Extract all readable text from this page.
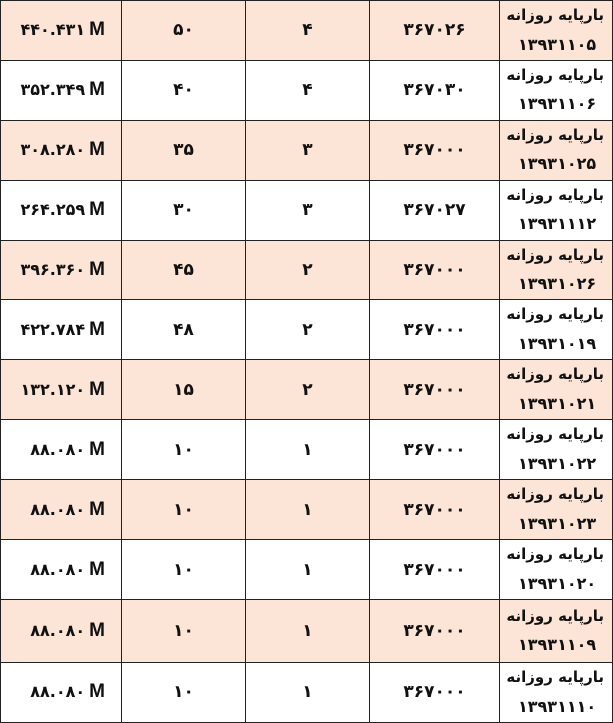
۴۴۰.۴۳۱ M	۵۰	۴	۳۶۷۰۲۶	بارپایه روزانه
۱۳۹۳۱۱۰۵

۳۵۲.۳۴۹ M	۴۰	۴	۳۶۷۰۳۰	بارپایه روزانه
۱۳۹۳۱۱۰۶

۳۰۸.۲۸۰ M	۳۵	۳	۳۶۷۰۰۰	بارپایه روزانه
۱۳۹۳۱۰۲۵

۲۶۴.۲۵۹ M	۳۰	۳	۳۶۷۰۲۷	بارپایه روزانه
۱۳۹۳۱۱۱۲

۳۹۶.۳۶۰ M	۴۵	۲	۳۶۷۰۰۰	بارپایه روزانه
۱۳۹۳۱۰۲۶

۴۲۲.۷۸۴ M	۴۸	۲	۳۶۷۰۰۰	بارپایه روزانه
۱۳۹۳۱۰۱۹

۱۳۲.۱۲۰ M	۱۵	۲	۳۶۷۰۰۰	بارپایه روزانه
۱۳۹۳۱۰۲۱

۸۸.۰۸۰ M	۱۰	۱	۳۶۷۰۰۰	بارپایه روزانه
۱۳۹۳۱۰۲۲

۸۸.۰۸۰ M	۱۰	۱	۳۶۷۰۰۰	بارپایه روزانه
۱۳۹۳۱۰۲۳

۸۸.۰۸۰ M	۱۰	۱	۳۶۷۰۰۰	بارپایه روزانه
۱۳۹۳۱۰۲۰

۸۸.۰۸۰ M	۱۰	۱	۳۶۷۰۰۰	بارپایه روزانه
۱۳۹۳۱۱۰۹

۸۸.۰۸۰ M	۱۰	۱	۳۶۷۰۰۰	بارپایه روزانه
۱۳۹۳۱۱۱۰
